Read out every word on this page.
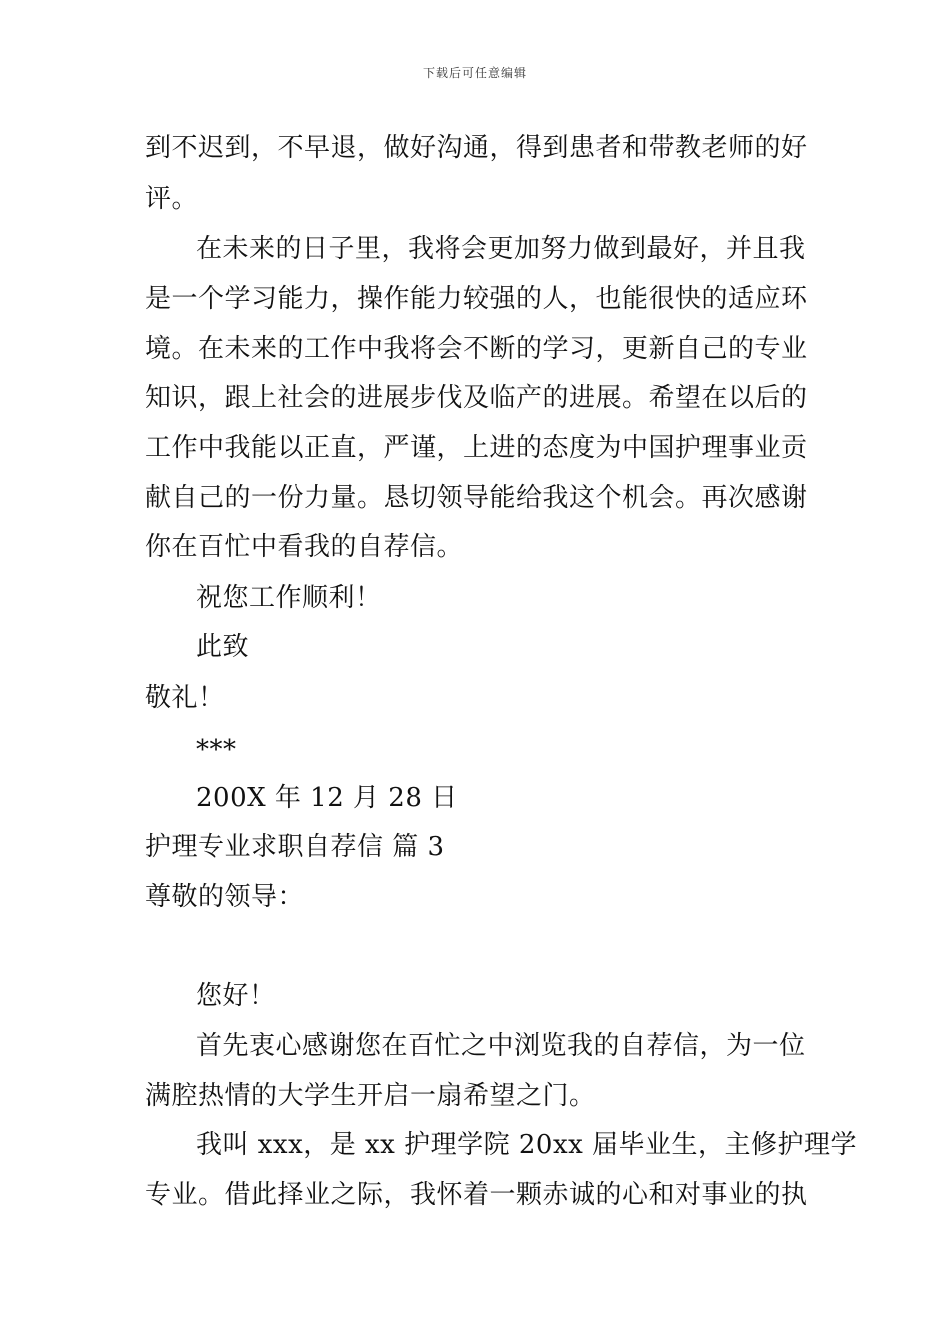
下载后可任意编辑
到不迟到，不早退，做好沟通，得到患者和带教老师的好
评。
在未来的日子里，我将会更加努力做到最好，并且我
是一个学习能力，操作能力较强的人，也能很快的适应环
境。在未来的工作中我将会不断的学习，更新自己的专业
知识，跟上社会的进展步伐及临产的进展。希望在以后的
工作中我能以正直，严谨，上进的态度为中国护理事业贡
献自己的一份力量。恳切领导能给我这个机会。再次感谢
你在百忙中看我的自荐信。
祝您工作顺利！
此致
敬礼！
***
200X 年 12 月 28 日
护理专业求职自荐信 篇 3
尊敬的领导：
您好！
首先衷心感谢您在百忙之中浏览我的自荐信，为一位
满腔热情的大学生开启一扇希望之门。
我叫 xxx，是 xx 护理学院 20xx 届毕业生，主修护理学
专业。借此择业之际，我怀着一颗赤诚的心和对事业的执
